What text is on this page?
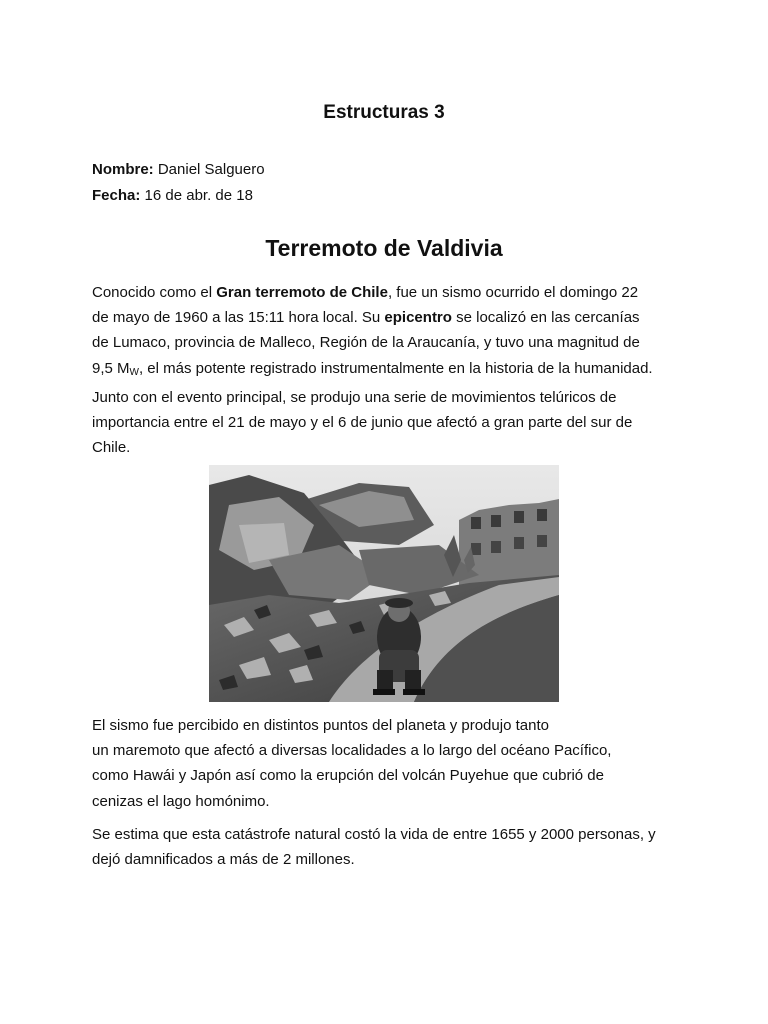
Estructuras 3
Nombre: Daniel Salguero
Fecha: 16 de abr. de 18
Terremoto de Valdivia
Conocido como el Gran terremoto de Chile, fue un sismo ocurrido el domingo 22
de mayo de 1960 a las 15:11 hora local. Su epicentro se localizó en las cercanías
de Lumaco, provincia de Malleco, Región de la Araucanía, y tuvo una magnitud de
9,5 $M_W$, el más potente registrado instrumentalmente en la historia de la humanidad.
Junto con el evento principal, se produjo una serie de movimientos telúricos de
importancia entre el 21 de mayo y el 6 de junio que afectó a gran parte del sur de
Chile.
El sismo fue percibido en distintos puntos del planeta y produjo tanto
un maremoto que afectó a diversas localidades a lo largo del océano Pacífico,
como Hawái y Japón así como la erupción del volcán Puyehue que cubrió de
cenizas el lago homónimo.
Se estima que esta catástrofe natural costó la vida de entre 1655 y 2000 personas, y
dejó damnificados a más de 2 millones.
